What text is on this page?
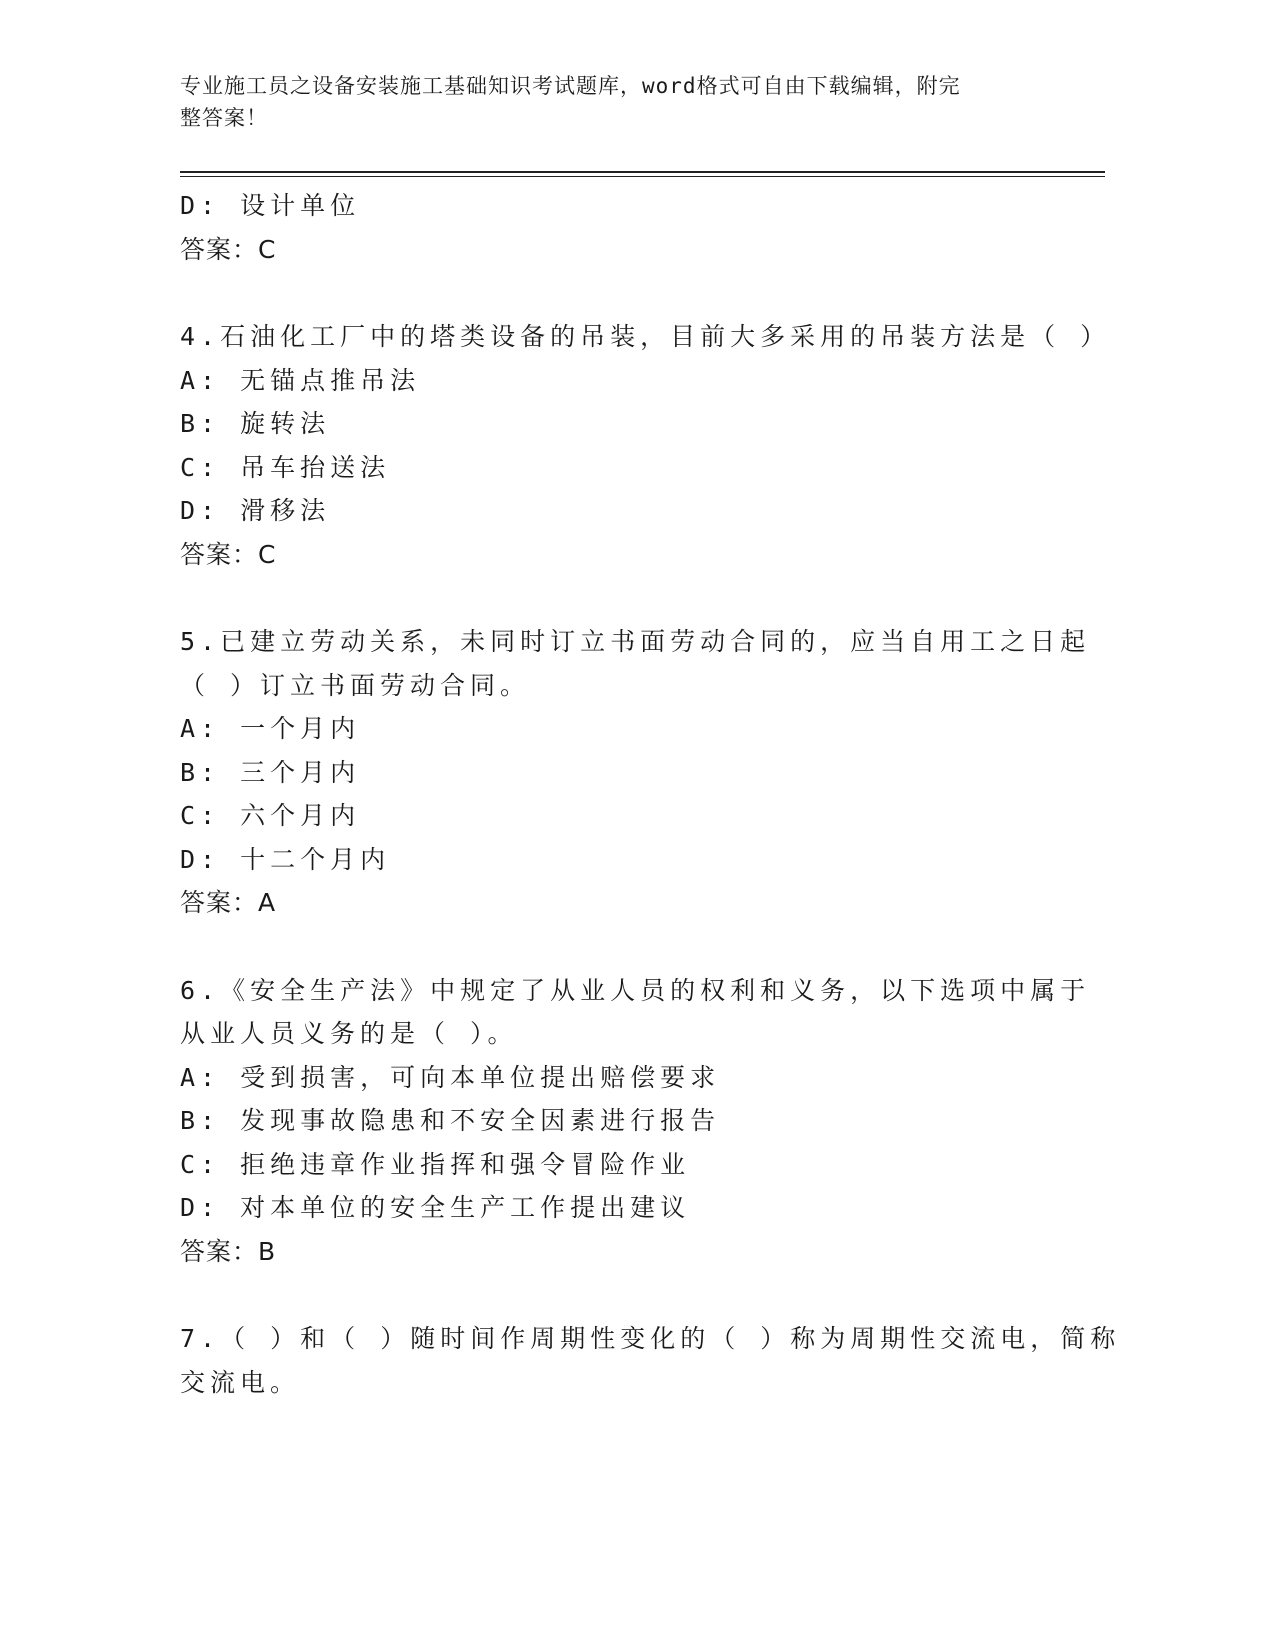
专业施工员之设备安装施工基础知识考试题库，word格式可自由下载编辑，附完
整答案！
D: 设计单位
答案：C
4.石油化工厂中的塔类设备的吊装，目前大多采用的吊装方法是（ ）
A: 无锚点推吊法
B: 旋转法
C: 吊车抬送法
D: 滑移法
答案：C
5.已建立劳动关系，未同时订立书面劳动合同的，应当自用工之日起
（ ）订立书面劳动合同。
A: 一个月内
B: 三个月内
C: 六个月内
D: 十二个月内
答案：A
6.《安全生产法》中规定了从业人员的权利和义务，以下选项中属于
从业人员义务的是（ ）。
A: 受到损害，可向本单位提出赔偿要求
B: 发现事故隐患和不安全因素进行报告
C: 拒绝违章作业指挥和强令冒险作业
D: 对本单位的安全生产工作提出建议
答案：B
7.（ ）和（ ）随时间作周期性变化的（ ）称为周期性交流电，简称
交流电。
